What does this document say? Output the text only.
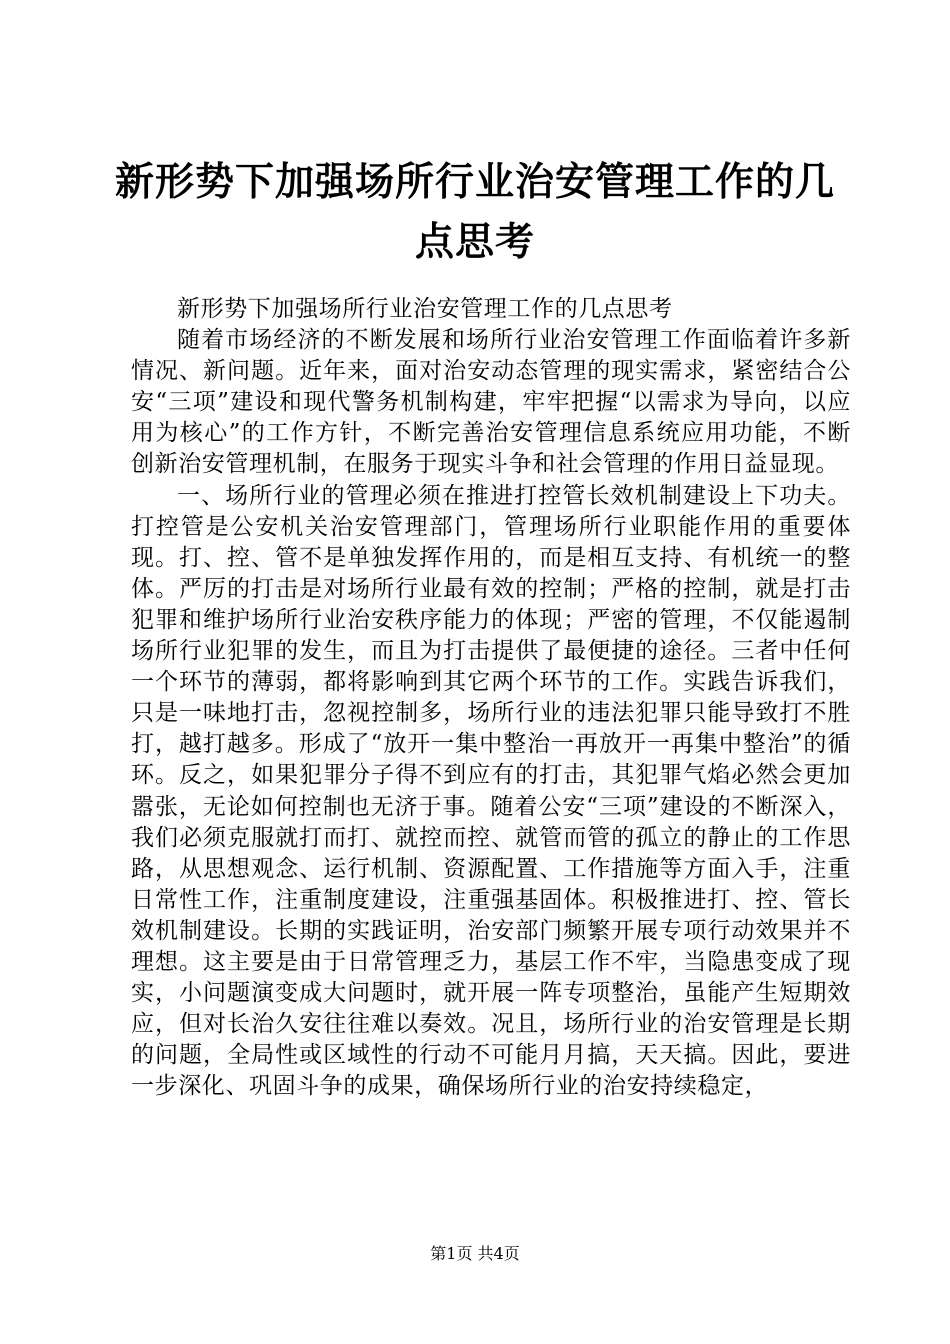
新形势下加强场所行业治安管理工作的几点思考

新形势下加强场所行业治安管理工作的几点思考

随着市场经济的不断发展和场所行业治安管理工作面临着许多新情况、新问题。近年来，面对治安动态管理的现实需求，紧密结合公安“三项”建设和现代警务机制构建，牢牢把握“以需求为导向，以应用为核心”的工作方针，不断完善治安管理信息系统应用功能，不断创新治安管理机制，在服务于现实斗争和社会管理的作用日益显现。

一、场所行业的管理必须在推进打控管长效机制建设上下功夫。打控管是公安机关治安管理部门，管理场所行业职能作用的重要体现。打、控、管不是单独发挥作用的，而是相互支持、有机统一的整体。严厉的打击是对场所行业最有效的控制；严格的控制，就是打击犯罪和维护场所行业治安秩序能力的体现；严密的管理，不仅能遏制场所行业犯罪的发生，而且为打击提供了最便捷的途径。三者中任何一个环节的薄弱，都将影响到其它两个环节的工作。实践告诉我们，只是一味地打击，忽视控制多，场所行业的违法犯罪只能导致打不胜打，越打越多。形成了“放开一集中整治一再放开一再集中整治”的循环。反之，如果犯罪分子得不到应有的打击，其犯罪气焰必然会更加嚣张，无论如何控制也无济于事。随着公安“三项”建设的不断深入，我们必须克服就打而打、就控而控、就管而管的孤立的静止的工作思路，从思想观念、运行机制、资源配置、工作措施等方面入手，注重日常性工作，注重制度建设，注重强基固体。积极推进打、控、管长效机制建设。长期的实践证明，治安部门频繁开展专项行动效果并不理想。这主要是由于日常管理乏力，基层工作不牢，当隐患变成了现实，小问题演变成大问题时，就开展一阵专项整治，虽能产生短期效应，但对长治久安往往难以奏效。况且，场所行业的治安管理是长期的问题，全局性或区域性的行动不可能月月搞，天天搞。因此，要进一步深化、巩固斗争的成果，确保场所行业的治安持续稳定，

第1页 共4页
